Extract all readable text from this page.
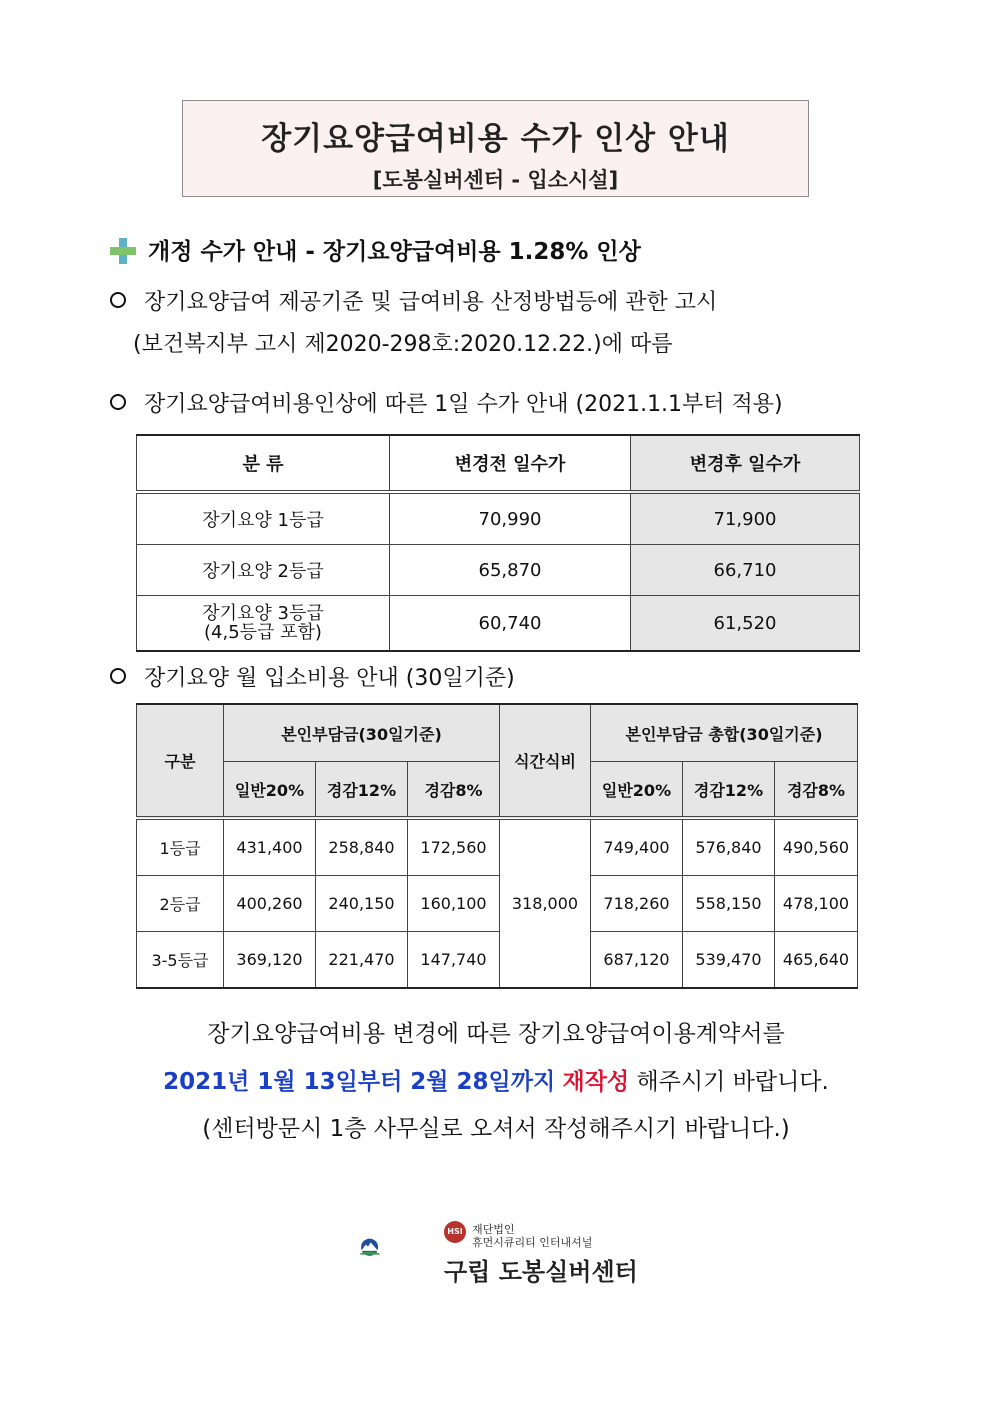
장기요양급여비용 수가 인상 안내
[도봉실버센터 - 입소시설]
개정 수가 안내 - 장기요양급여비용 1.28% 인상
장기요양급여 제공기준 및 급여비용 산정방법등에 관한 고시
(보건복지부 고시 제2020-298호:2020.12.22.)에 따름
장기요양급여비용인상에 따른 1일 수가 안내 (2021.1.1부터 적용)
분 류	변경전 일수가	변경후 일수가
장기요양 1등급	70,990	71,900
장기요양 2등급	65,870	66,710

장기요양 3등급
(4,5등급 포함)	60,740	61,520
장기요양 월 입소비용 안내 (30일기준)
구분	본인부담금(30일기준)			식간식비	본인부담금 총합(30일기준)		
	일반20%	경감12%	경감8%		일반20%	경감12%	경감8%
1등급	431,400	258,840	172,560	318,000	749,400	576,840	490,560
2등급	400,260	240,150	160,100		718,260	558,150	478,100
3-5등급	369,120	221,470	147,740		687,120	539,470	465,640
장기요양급여비용 변경에 따른 장기요양급여이용계약서를
2021년 1월 13일부터 2월 28일까지 재작성 해주시기 바랍니다.
(센터방문시 1층 사무실로 오셔서 작성해주시기 바랍니다.)
HSI 재단법인
휴먼시큐리티 인터내셔널
구립 도봉실버센터
